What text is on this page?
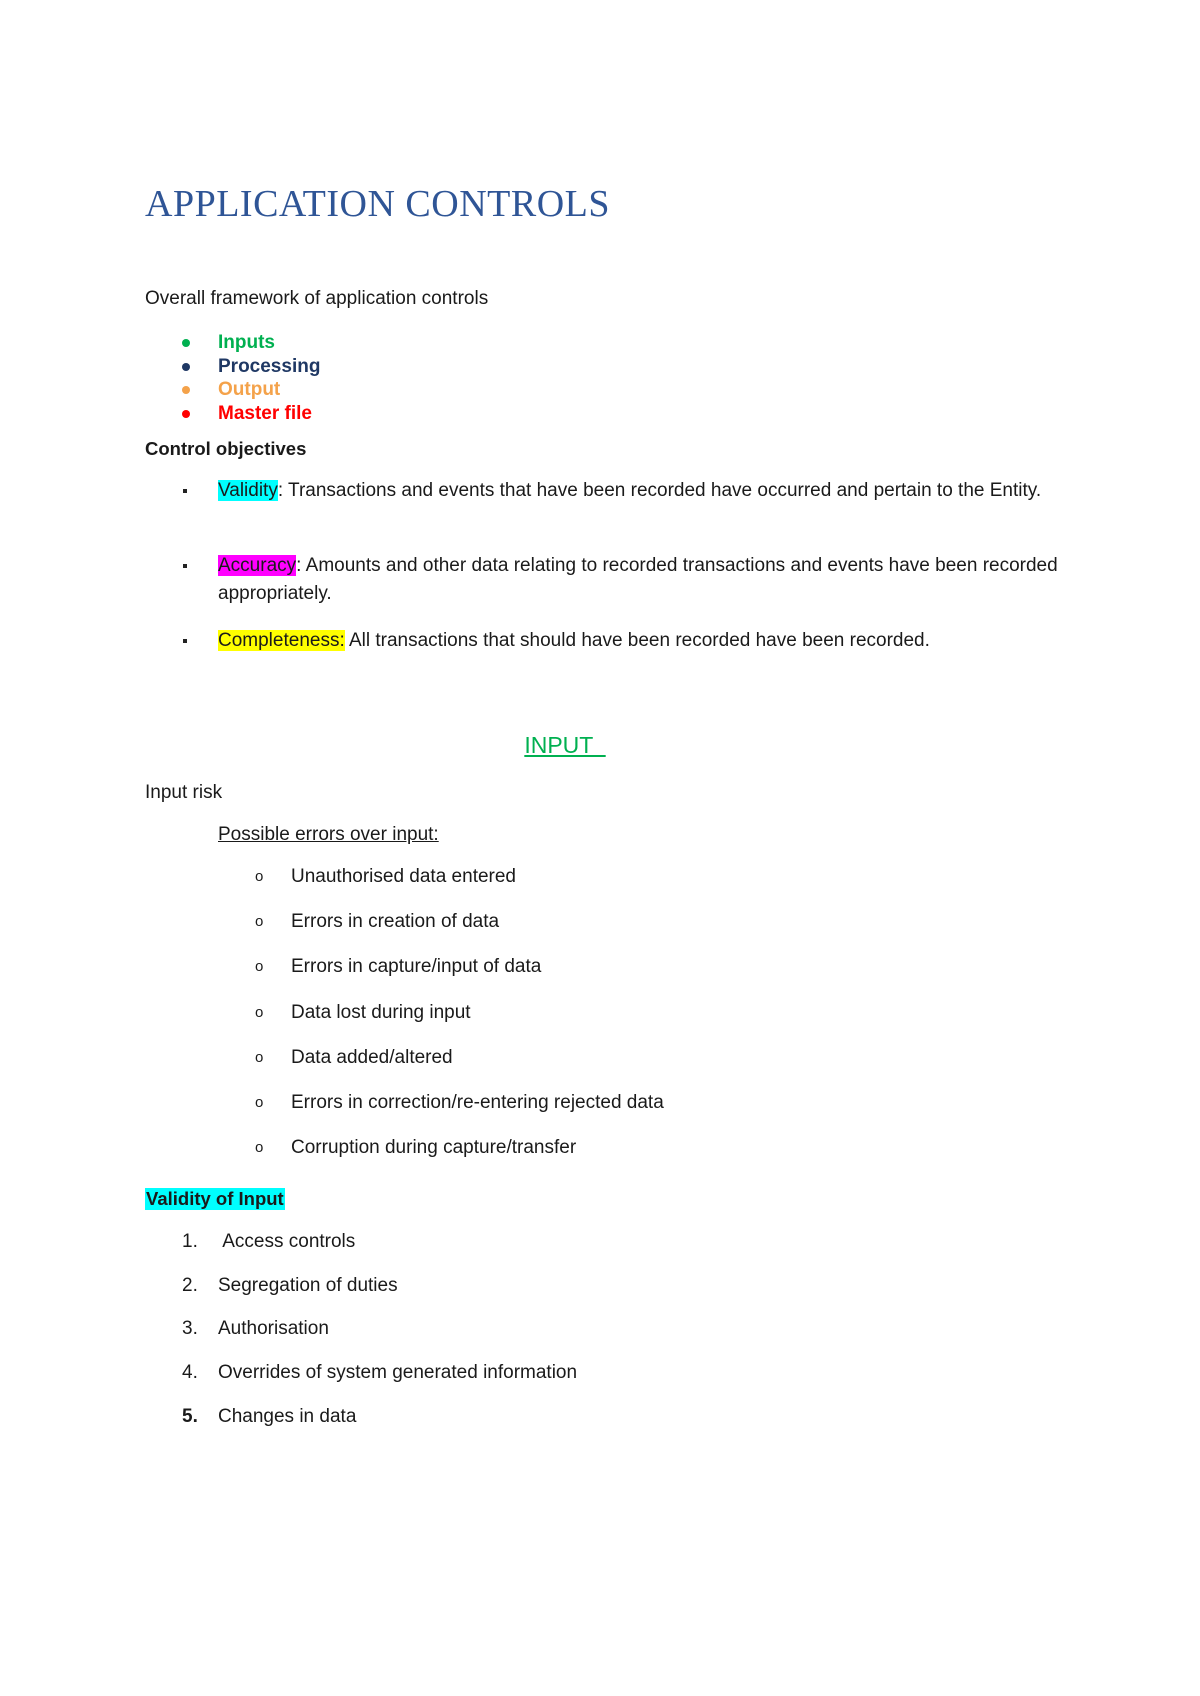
APPLICATION CONTROLS

Overall framework of application controls

Inputs
Processing
Output
Master file
Control objectives
Validity: Transactions and events that have been recorded have occurred and pertain to the Entity.
Accuracy: Amounts and other data relating to recorded transactions and events have been recorded appropriately.
Completeness: All transactions that should have been recorded have been recorded.
INPUT
Input risk
Possible errors over input:
o Unauthorised data entered
o Errors in creation of data
o Errors in capture/input of data
o Data lost during input
o Data added/altered
o Errors in correction/re-entering rejected data
o Corruption during capture/transfer
Validity of Input
1. Access controls
2. Segregation of duties
3. Authorisation
4. Overrides of system generated information
5. Changes in data
